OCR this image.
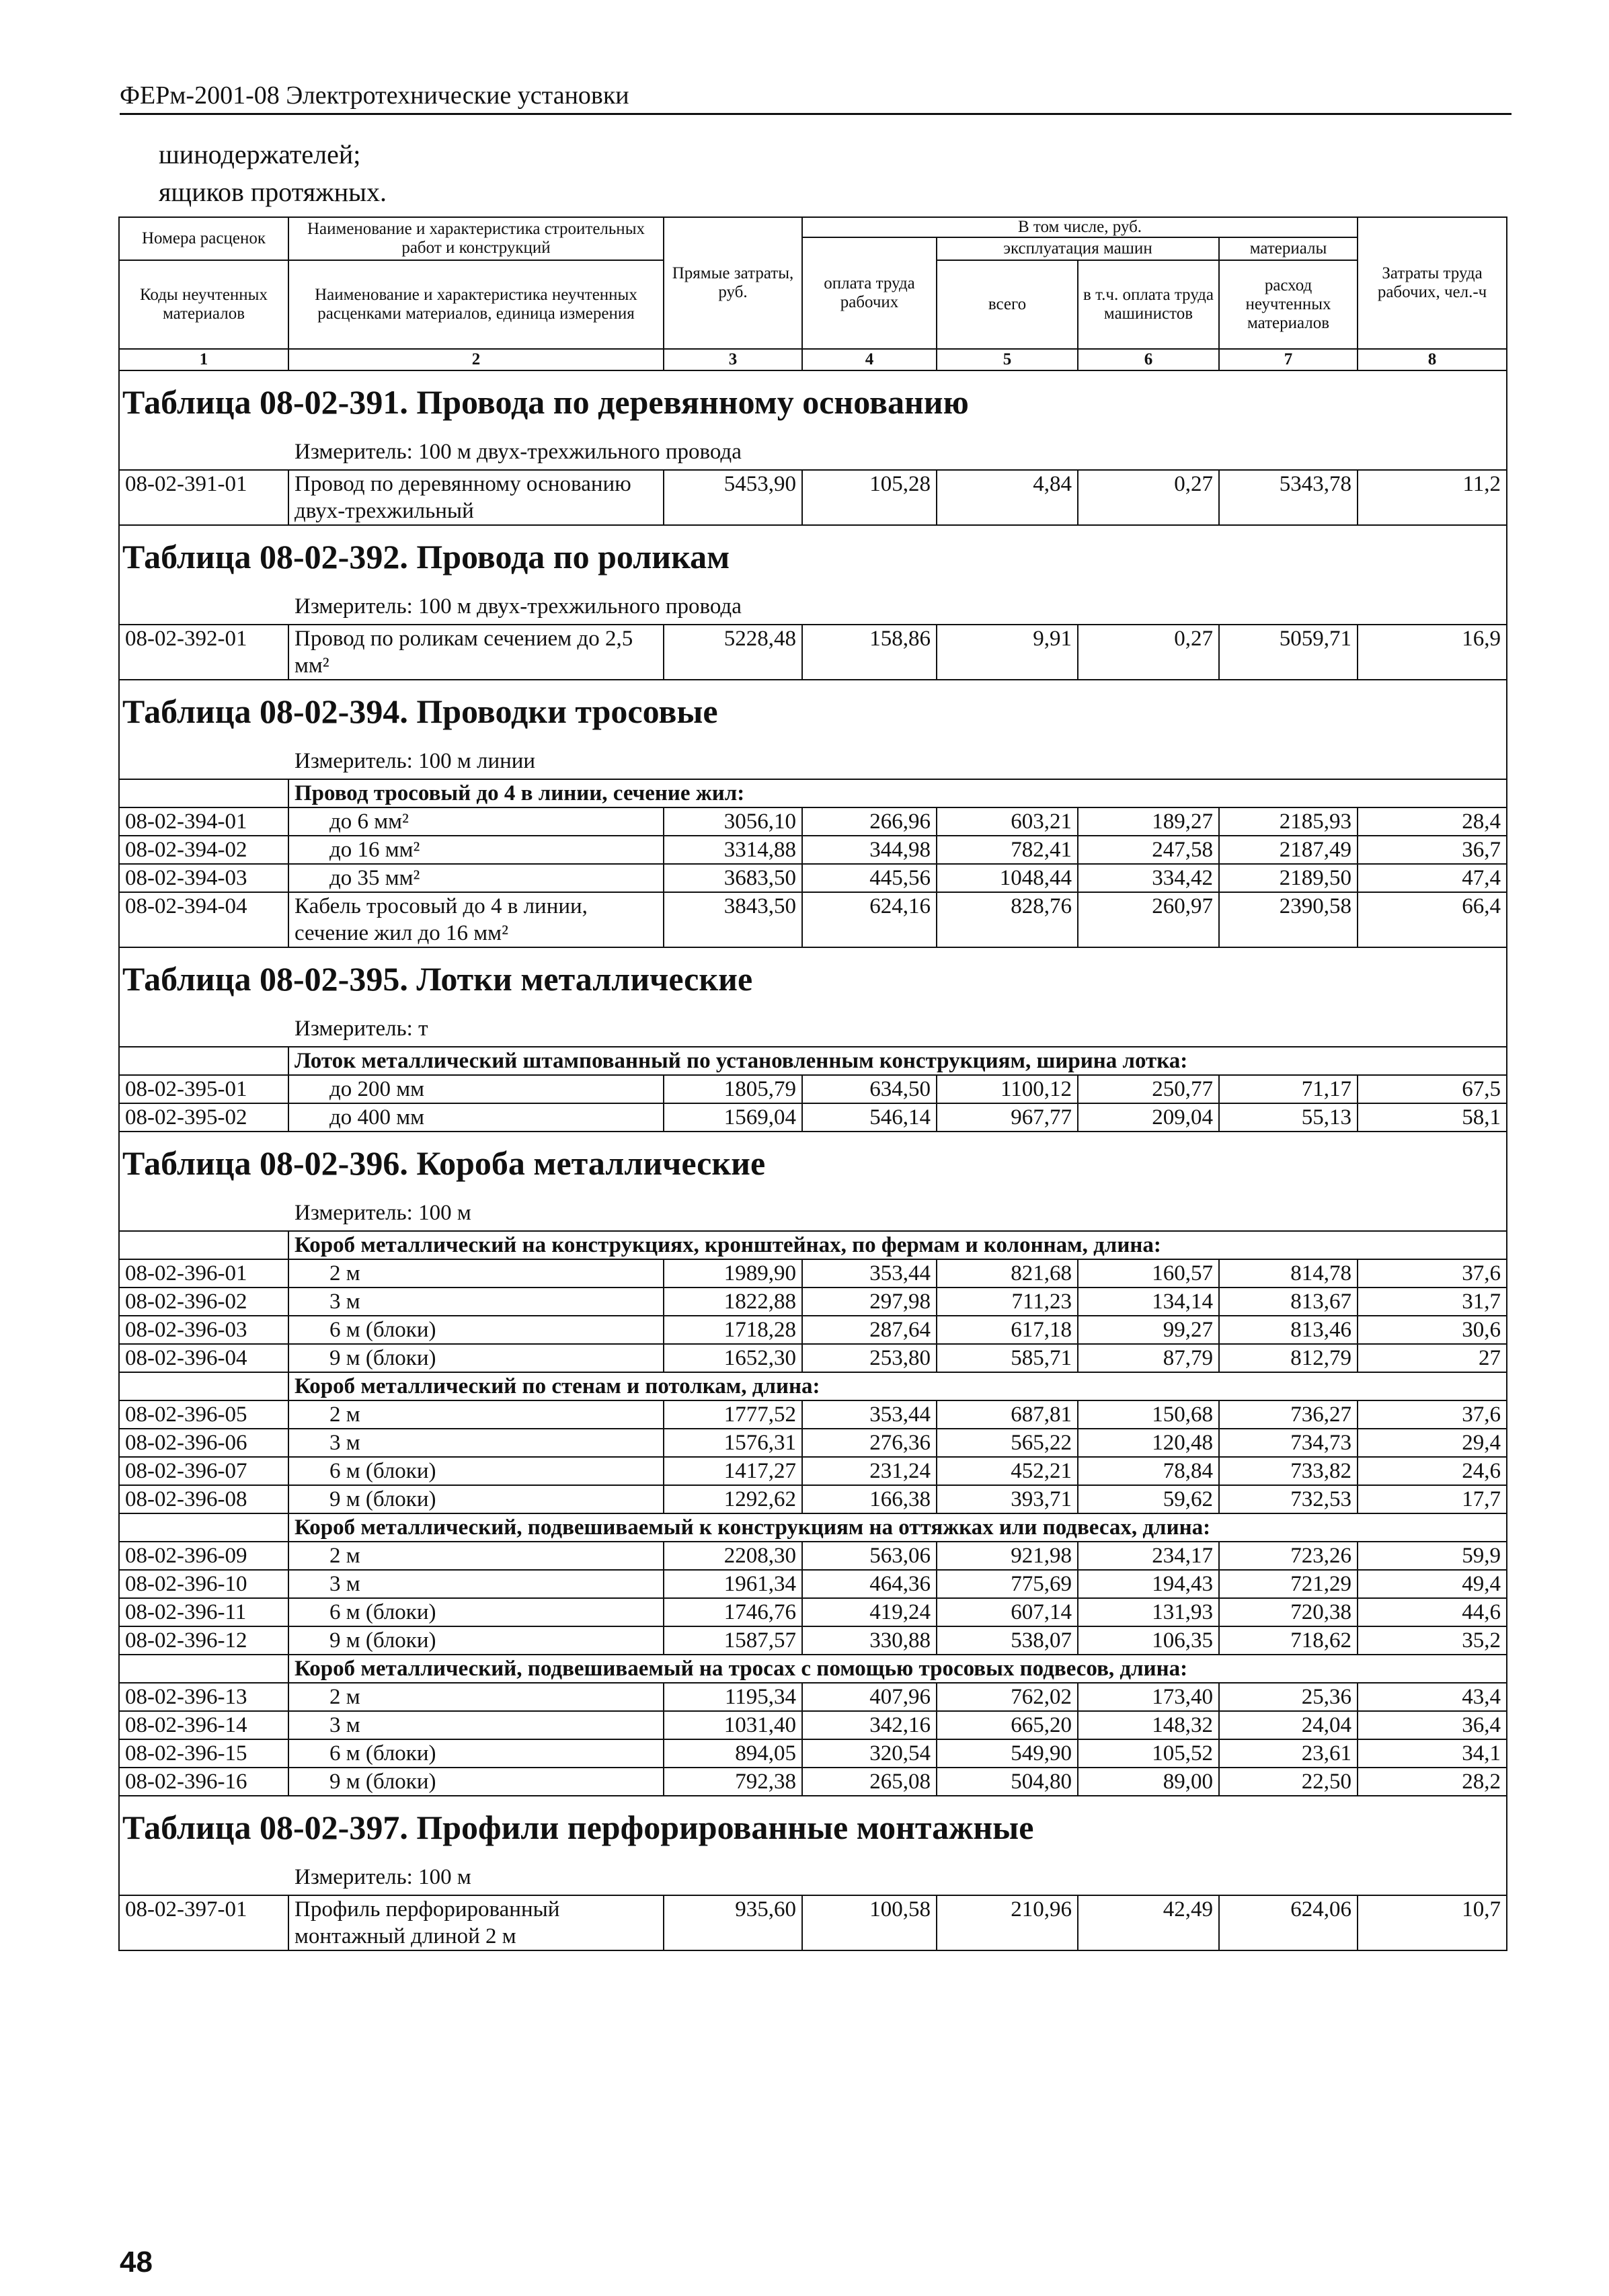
ФЕРм-2001-08 Электротехнические установки
шинодержателей;
ящиков протяжных.
Номера расценок	Наименование и характеристика строительных работ и конструкций	Прямые затраты, руб.	В том числе, руб.				Затраты труда рабочих, чел.-ч
			оплата труда рабочих	эксплуатация машин		материалы	
Коды неучтенных материалов	Наименование и характеристика неучтенных расценками материалов, единица измерения			всего	в т.ч. оплата труда машинистов	расход неучтенных материалов	

1	2	3	4	5	6	7	8

Таблица 08-02-391. Провода по деревянному основанию
Измеритель: 100 м двух-трехжильного провода							

08-02-391-01	Провод по деревянному основанию двух-трехжильный	5453,90	105,28	4,84	0,27	5343,78	11,2

Таблица 08-02-392. Провода по роликам
Измеритель: 100 м двух-трехжильного провода							

08-02-392-01	Провод по роликам сечением до 2,5 мм²	5228,48	158,86	9,91	0,27	5059,71	16,9

Таблица 08-02-394. Проводки тросовые
Измеритель: 100 м линии							

	Провод тросовый до 4 в линии, сечение жил:						
08-02-394-01	до 6 мм²	3056,10	266,96	603,21	189,27	2185,93	28,4
08-02-394-02	до 16 мм²	3314,88	344,98	782,41	247,58	2187,49	36,7
08-02-394-03	до 35 мм²	3683,50	445,56	1048,44	334,42	2189,50	47,4
08-02-394-04	Кабель тросовый до 4 в линии, сечение жил до 16 мм²	3843,50	624,16	828,76	260,97	2390,58	66,4

Таблица 08-02-395. Лотки металлические
Измеритель: т							

	Лоток металлический штампованный по установленным конструкциям, ширина лотка:						
08-02-395-01	до 200 мм	1805,79	634,50	1100,12	250,77	71,17	67,5
08-02-395-02	до 400 мм	1569,04	546,14	967,77	209,04	55,13	58,1

Таблица 08-02-396. Короба металлические
Измеритель: 100 м							

	Короб металлический на конструкциях, кронштейнах, по фермам и колоннам, длина:						
08-02-396-01	2 м	1989,90	353,44	821,68	160,57	814,78	37,6
08-02-396-02	3 м	1822,88	297,98	711,23	134,14	813,67	31,7
08-02-396-03	6 м (блоки)	1718,28	287,64	617,18	99,27	813,46	30,6
08-02-396-04	9 м (блоки)	1652,30	253,80	585,71	87,79	812,79	27
	Короб металлический по стенам и потолкам, длина:						
08-02-396-05	2 м	1777,52	353,44	687,81	150,68	736,27	37,6
08-02-396-06	3 м	1576,31	276,36	565,22	120,48	734,73	29,4
08-02-396-07	6 м (блоки)	1417,27	231,24	452,21	78,84	733,82	24,6
08-02-396-08	9 м (блоки)	1292,62	166,38	393,71	59,62	732,53	17,7
	Короб металлический, подвешиваемый к конструкциям на оттяжках или подвесах, длина:						
08-02-396-09	2 м	2208,30	563,06	921,98	234,17	723,26	59,9
08-02-396-10	3 м	1961,34	464,36	775,69	194,43	721,29	49,4
08-02-396-11	6 м (блоки)	1746,76	419,24	607,14	131,93	720,38	44,6
08-02-396-12	9 м (блоки)	1587,57	330,88	538,07	106,35	718,62	35,2
	Короб металлический, подвешиваемый на тросах с помощью тросовых подвесов, длина:						
08-02-396-13	2 м	1195,34	407,96	762,02	173,40	25,36	43,4
08-02-396-14	3 м	1031,40	342,16	665,20	148,32	24,04	36,4
08-02-396-15	6 м (блоки)	894,05	320,54	549,90	105,52	23,61	34,1
08-02-396-16	9 м (блоки)	792,38	265,08	504,80	89,00	22,50	28,2

Таблица 08-02-397. Профили перфорированные монтажные
Измеритель: 100 м							

08-02-397-01	Профиль перфорированный монтажный длиной 2 м	935,60	100,58	210,96	42,49	624,06	10,7
48
